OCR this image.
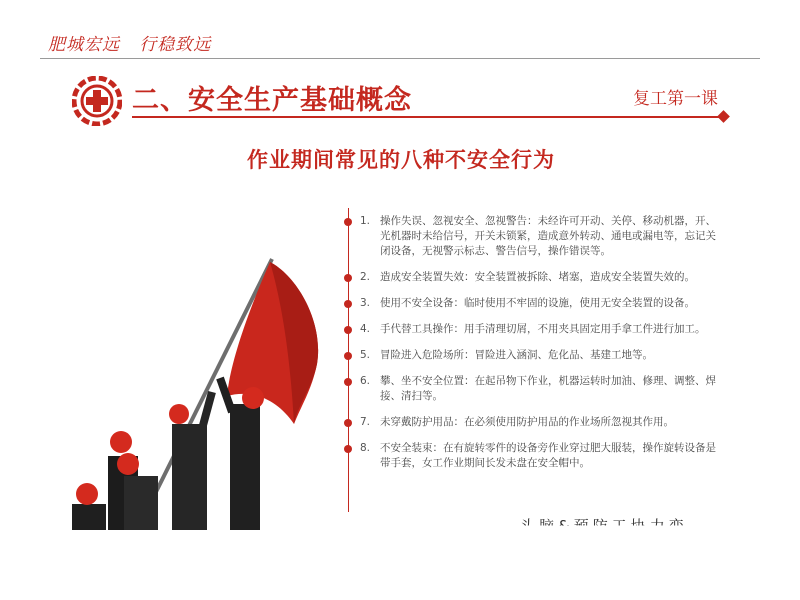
肥城宏远   行稳致远
二、安全生产基础概念	复工第一课
作业期间常见的八种不安全行为
1. 操作失误、忽视安全、忽视警告：未经许可开动、关停、移动机器，开、光机器时未给信号，开关未锁紧，造成意外转动、通电或漏电等，忘记关闭设备，无视警示标志、警告信号，操作错误等。
2. 造成安全装置失效：安全装置被拆除、堵塞，造成安全装置失效的。
3. 使用不安全设备：临时使用不牢固的设施，使用无安全装置的设备。
4. 手代替工具操作：用手清理切屑，不用夹具固定用手拿工件进行加工。
5. 冒险进入危险场所：冒险进入涵洞、危化品、基建工地等。
6. 攀、坐不安全位置：在起吊物下作业，机器运转时加油、修理、调整、焊接、清扫等。
7. 未穿戴防护用品：在必须使用防护用品的作业场所忽视其作用。
8. 不安全装束：在有旋转零件的设备旁作业穿过肥大服装，操作旋转设备是带手套，女工作业期间长发未盘在安全帽中。
